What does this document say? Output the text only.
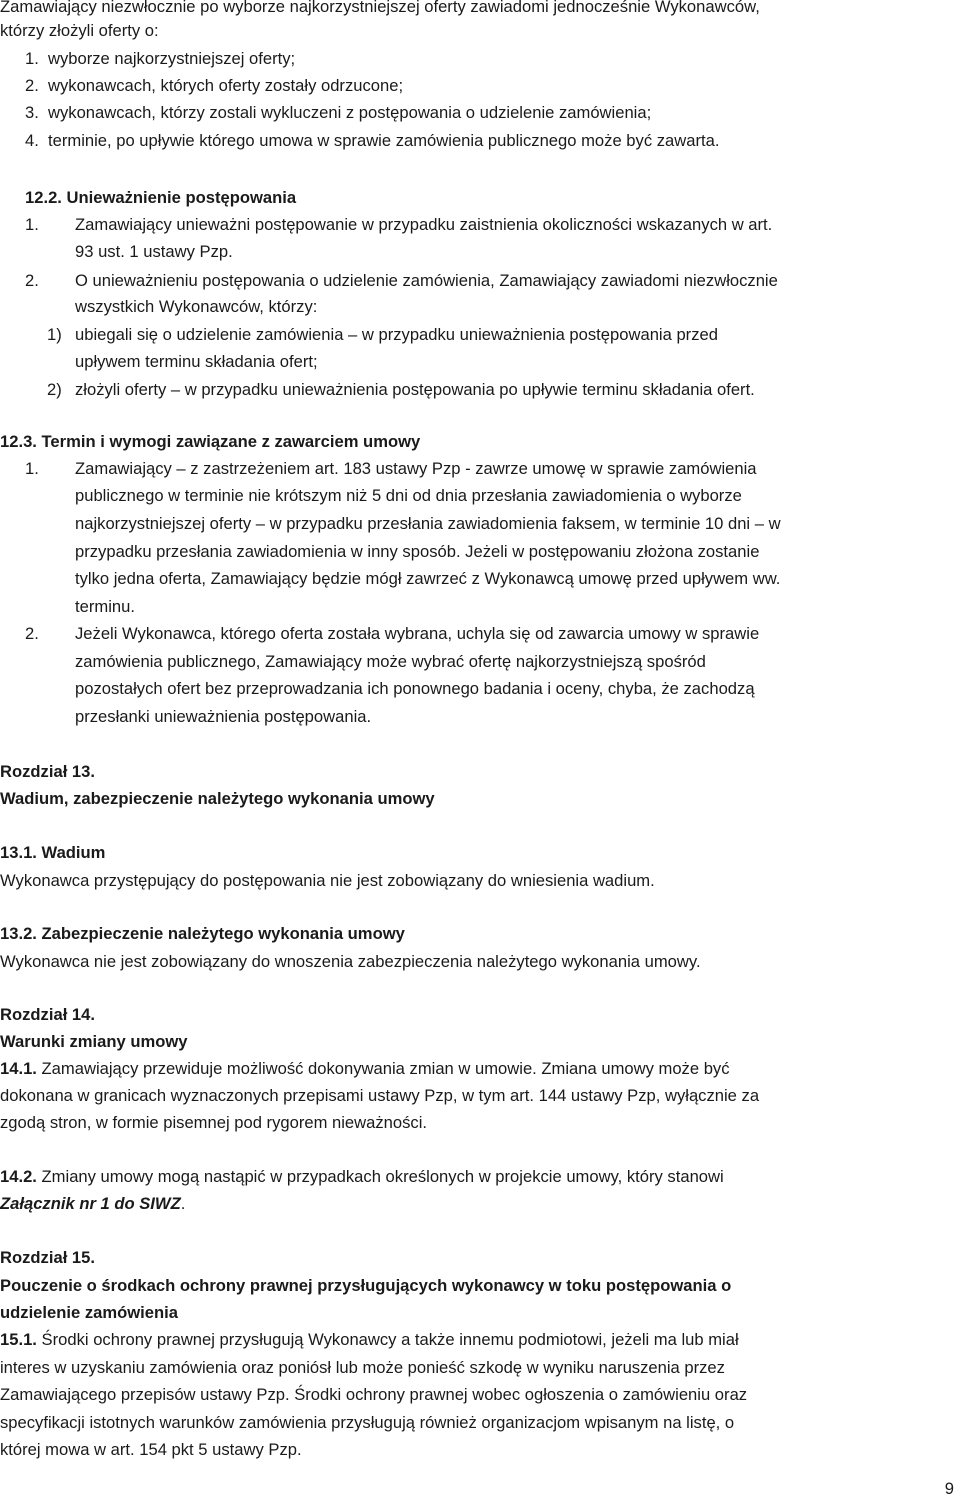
Zamawiający niezwłocznie po wyborze najkorzystniejszej oferty zawiadomi jednocześnie Wykonawców,
którzy złożyli oferty o:
1. wyborze najkorzystniejszej oferty;
2. wykonawcach, których oferty zostały odrzucone;
3. wykonawcach, którzy zostali wykluczeni z postępowania o udzielenie zamówienia;
4. terminie, po upływie którego umowa w sprawie zamówienia publicznego może być zawarta.
12.2. Unieważnienie postępowania
1. Zamawiający unieważni postępowanie w przypadku zaistnienia okoliczności wskazanych w art.
93 ust. 1 ustawy Pzp.
2. O unieważnieniu postępowania o udzielenie zamówienia, Zamawiający zawiadomi niezwłocznie
wszystkich Wykonawców, którzy:
1) ubiegali się o udzielenie zamówienia – w przypadku unieważnienia postępowania przed
upływem terminu składania ofert;
2) złożyli oferty – w przypadku unieważnienia postępowania po upływie terminu składania ofert.
12.3. Termin i wymogi zawiązane z zawarciem umowy
1. Zamawiający – z zastrzeżeniem art. 183 ustawy Pzp - zawrze umowę w sprawie zamówienia
publicznego w terminie nie krótszym niż 5 dni od dnia przesłania zawiadomienia o wyborze
najkorzystniejszej oferty – w przypadku przesłania zawiadomienia faksem, w terminie 10 dni – w
przypadku przesłania zawiadomienia w inny sposób. Jeżeli w postępowaniu złożona zostanie
tylko jedna oferta, Zamawiający będzie mógł zawrzeć z Wykonawcą umowę przed upływem ww.
terminu.
2. Jeżeli Wykonawca, którego oferta została wybrana, uchyla się od zawarcia umowy w sprawie
zamówienia publicznego, Zamawiający może wybrać ofertę najkorzystniejszą spośród
pozostałych ofert bez przeprowadzania ich ponownego badania i oceny, chyba, że zachodzą
przesłanki unieważnienia postępowania.
Rozdział 13.
Wadium, zabezpieczenie należytego wykonania umowy
13.1. Wadium
Wykonawca przystępujący do postępowania nie jest zobowiązany do wniesienia wadium.
13.2. Zabezpieczenie należytego wykonania umowy
Wykonawca nie jest zobowiązany do wnoszenia zabezpieczenia należytego wykonania umowy.
Rozdział 14.
Warunki zmiany umowy
14.1. Zamawiający przewiduje możliwość dokonywania zmian w umowie. Zmiana umowy może być
dokonana w granicach wyznaczonych przepisami ustawy Pzp, w tym art. 144 ustawy Pzp, wyłącznie za
zgodą stron, w formie pisemnej pod rygorem nieważności.
14.2. Zmiany umowy mogą nastąpić w przypadkach określonych w projekcie umowy, który stanowi
Załącznik nr 1 do SIWZ.
Rozdział 15.
Pouczenie o środkach ochrony prawnej przysługujących wykonawcy w toku postępowania o
udzielenie zamówienia
15.1. Środki ochrony prawnej przysługują Wykonawcy a także innemu podmiotowi, jeżeli ma lub miał
interes w uzyskaniu zamówienia oraz poniósł lub może ponieść szkodę w wyniku naruszenia przez
Zamawiającego przepisów ustawy Pzp. Środki ochrony prawnej wobec ogłoszenia o zamówieniu oraz
specyfikacji istotnych warunków zamówienia przysługują również organizacjom wpisanym na listę, o
której mowa w art. 154 pkt 5 ustawy Pzp.
9
